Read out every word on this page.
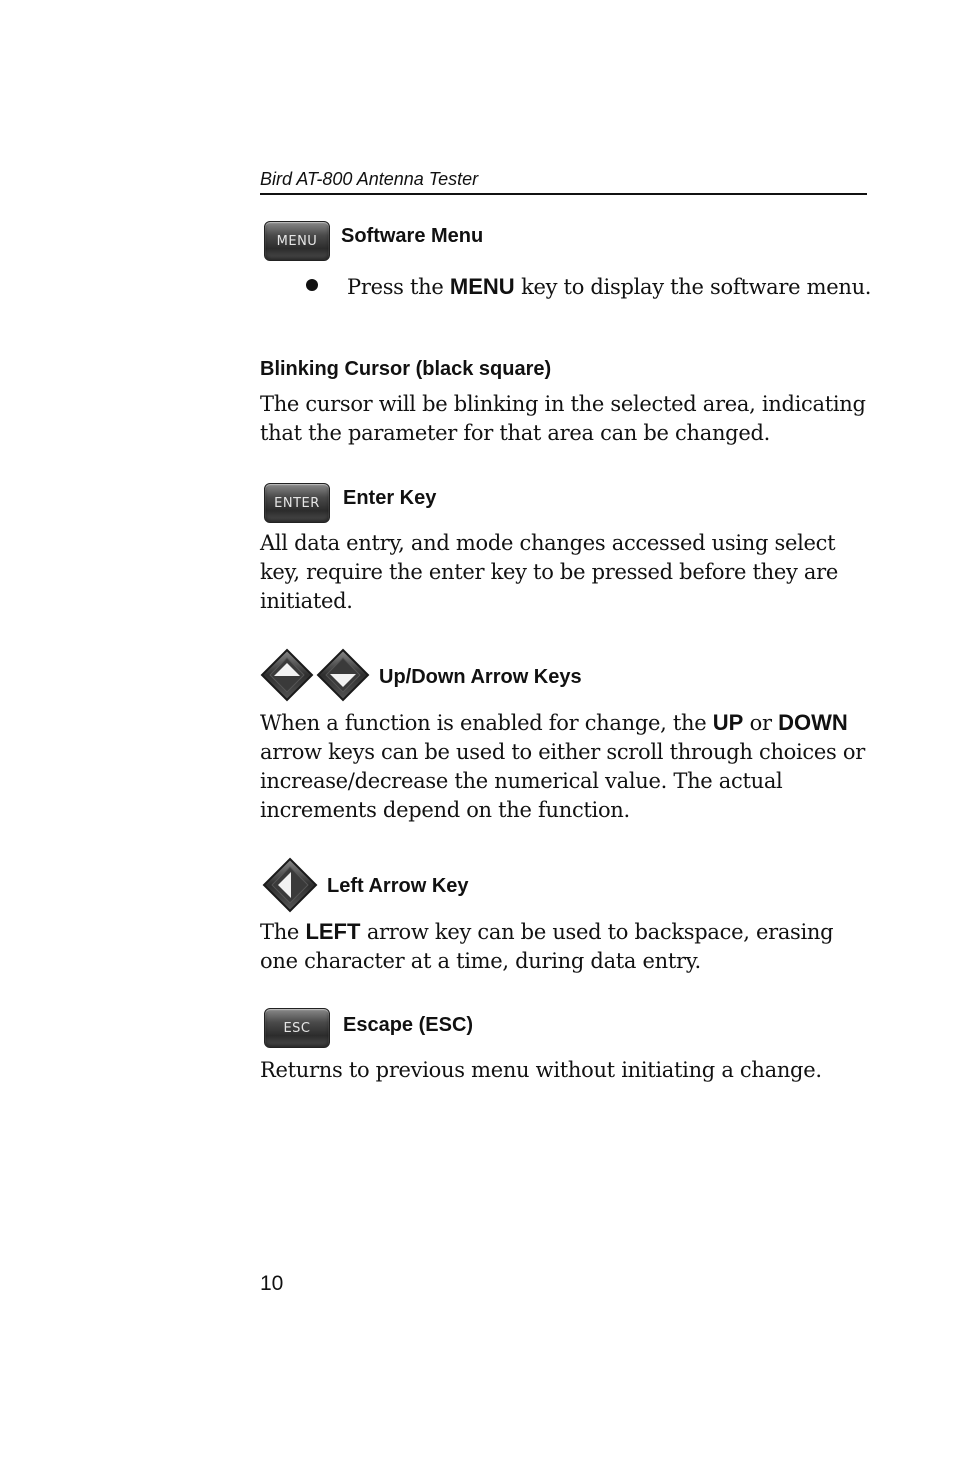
Bird AT-800 Antenna Tester
MENU Software Menu

Press the MENU key to display the software menu.

Blinking Cursor (black square)

The cursor will be blinking in the selected area, indicating that the parameter for that area can be changed.

ENTER Enter Key

All data entry, and mode changes accessed using select key, require the enter key to be pressed before they are initiated.

Up/Down Arrow Keys

When a function is enabled for change, the UP or DOWN arrow keys can be used to either scroll through choices or increase/decrease the numerical value. The actual increments depend on the function.

Left Arrow Key

The LEFT arrow key can be used to backspace, erasing one character at a time, during data entry.

ESC Escape (ESC)

Returns to previous menu without initiating a change.

10
